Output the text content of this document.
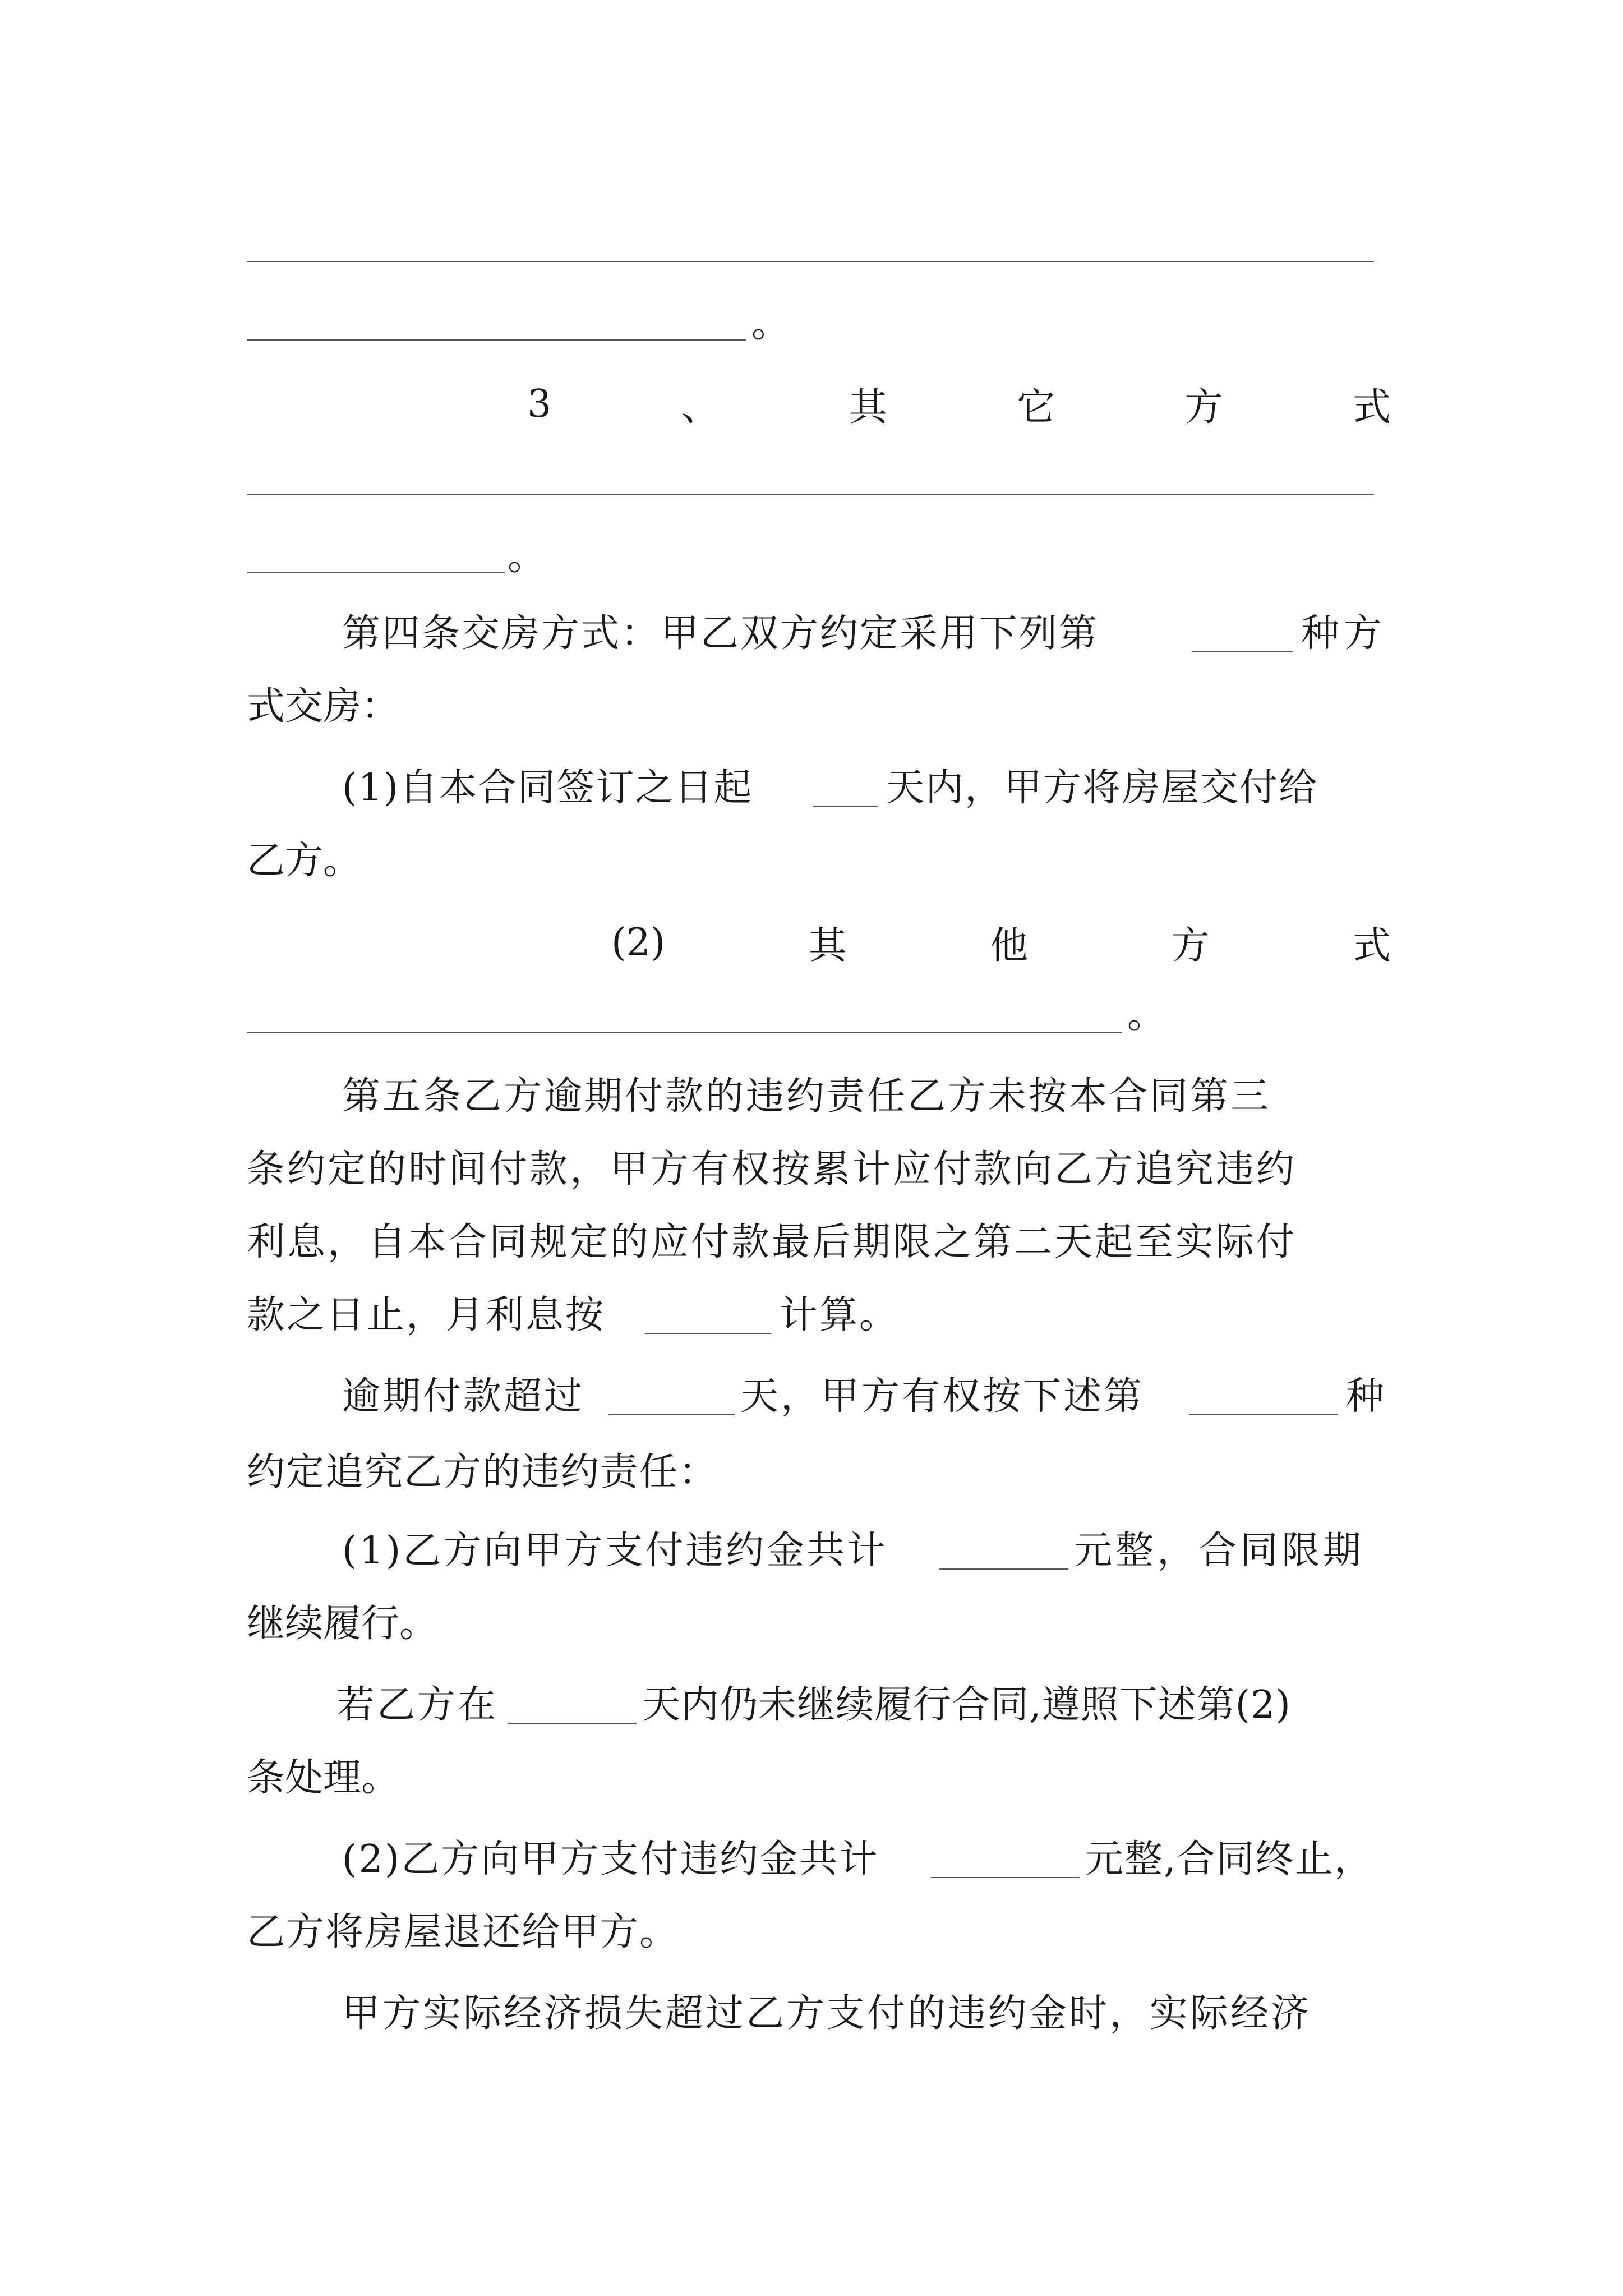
。
3	、	其	它	方	式
。
第四条交房方式：甲乙双方约定采用下列第	种方
式交房：
(1)自本合同签订之日起	天内，甲方将房屋交付给
乙方。
(2)	其	他	方	式
。
第五条乙方逾期付款的违约责任乙方未按本合同第三
条约定的时间付款，甲方有权按累计应付款向乙方追究违约
利息，自本合同规定的应付款最后期限之第二天起至实际付
款之日止，月利息按	计算。
逾期付款超过	天，甲方有权按下述第	种
约定追究乙方的违约责任：
(1)乙方向甲方支付违约金共计	元整，合同限期
继续履行。
若乙方在	天内仍未继续履行合同,遵照下述第(2)
条处理。
(2)乙方向甲方支付违约金共计	元整,合同终止，
乙方将房屋退还给甲方。
甲方实际经济损失超过乙方支付的违约金时，实际经济
